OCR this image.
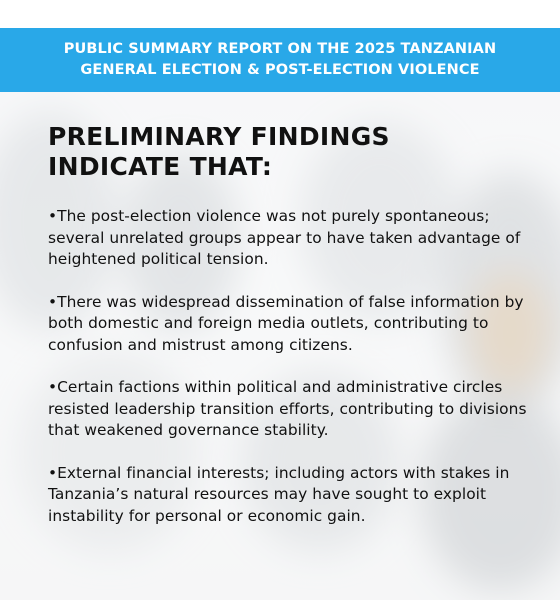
PUBLIC SUMMARY REPORT ON THE 2025 TANZANIAN
GENERAL ELECTION & POST-ELECTION VIOLENCE
PRELIMINARY FINDINGS
INDICATE THAT:
•The post-election violence was not purely spontaneous; several unrelated groups appear to have taken advantage of heightened political tension.
•There was widespread dissemination of false information by both domestic and foreign media outlets, contributing to confusion and mistrust among citizens.
•Certain factions within political and administrative circles resisted leadership transition efforts, contributing to divisions that weakened governance stability.
•External financial interests; including actors with stakes in Tanzania’s natural resources may have sought to exploit instability for personal or economic gain.
